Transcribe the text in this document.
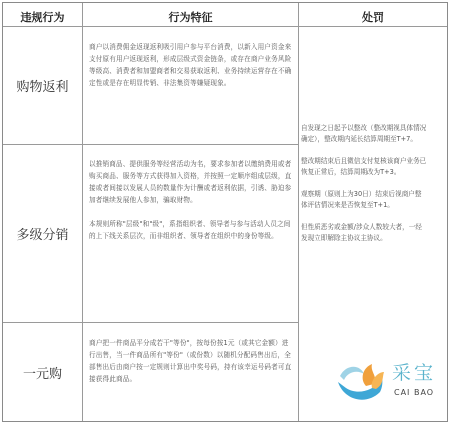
违规行为	行为特征	处罚
购物返利

商户以消费佣金返现返利吸引用户参与平台消费，以新入用户资金来支付原有用户返现返利，形成层级式资金链条，或存在商户业务风险等级高、消费者和加盟商者和交易获取返利、业务持续运营存在不确定性或是存在明显传销、非法集资等嫌疑现象。

多级分销

以推销商品、提供服务等经营活动为名，要求参加者以缴纳费用或者购买商品、服务等方式获得加入资格，并按照一定顺序组成层级，直接或者间接以发展人员的数量作为计酬或者返利依据，引诱、胁迫参加者继续发展他人参加，骗取财物。

本规则所称"层级"和"级"，系指组织者、领导者与参与活动人员之间的上下线关系层次，而非组织者、领导者在组织中的身份等级。

一元购

商户把一件商品平分成若干"等份"，按每份按1元（或其它金额）进行出售，当一件商品所有"等份"（或份数）以随机分配码售出后，全部售出后由商户按一定规则计算出中奖号码，持有该幸运号码者可直接获得此商品。

自发现之日起予以整改（整改期视具体情况确定），整改期内延长结算周期至T+7。

整改期结束后且微信支付复核该商户业务已恢复正常后，结算周期改为T+3。

观察期（原则上为30日）结束后视商户整体评估情况来是否恢复至T+1。

但性质恶劣或金额/涉众人数较大者，一经发现立即解除主协议主协议。

采宝
CAI BAO
